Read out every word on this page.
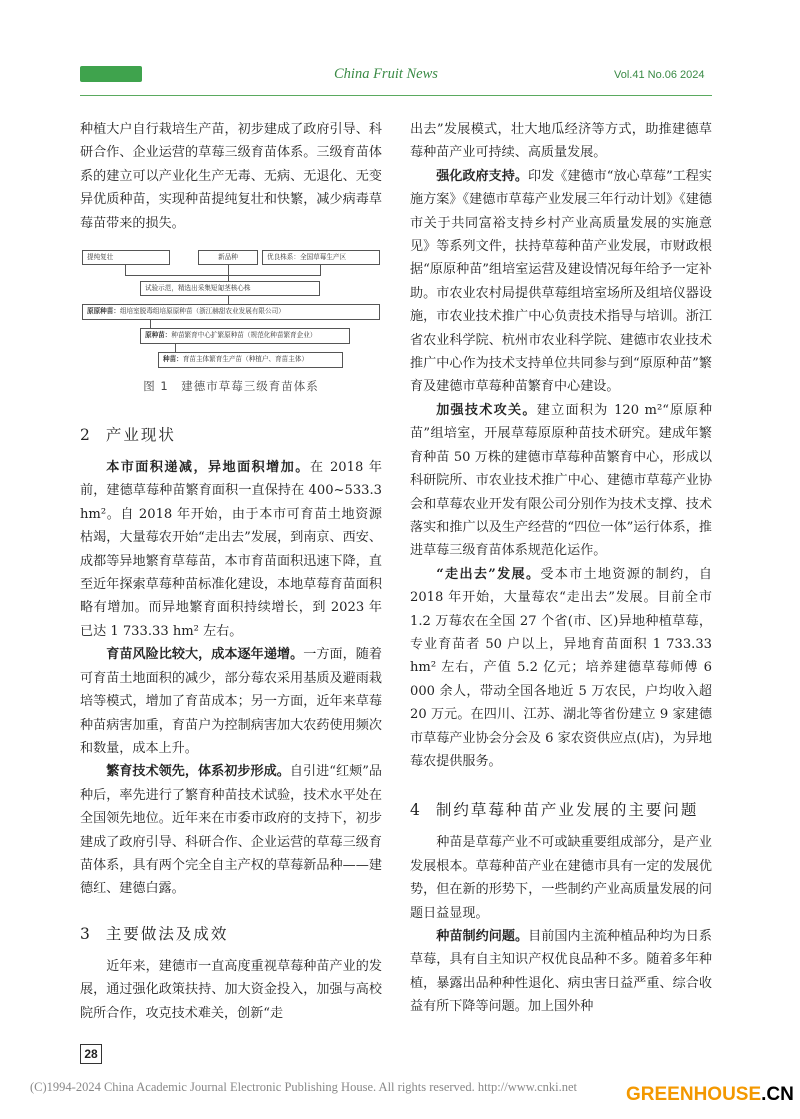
China Fruit News	Vol.41 No.06 2024

种植大户自行栽培生产苗，初步建成了政府引导、科研合作、企业运营的草莓三级育苗体系。三级育苗体系的建立可以产业化生产无毒、无病、无退化、无变异优质种苗，实现种苗提纯复壮和快繁，减少病毒草莓苗带来的损失。

提纯复壮	新品种	优良株系：全国草莓生产区
试验示范，精选出采集短匍茎核心株
原原种苗：组培室脱毒组培原原种苗（浙江赫甜农业发展有限公司）
原种苗：种苗繁育中心扩繁原种苗（规范化种苗繁育企业）
种苗：育苗主体繁育生产苗（种植户、育苗主体）

图 1　建德市草莓三级育苗体系

2 产业现状

本市面积递减，异地面积增加。在 2018 年前，建德草莓种苗繁育面积一直保持在 400~533.3 hm²。自 2018 年开始，由于本市可育苗土地资源枯竭，大量莓农开始“走出去”发展，到南京、西安、成都等异地繁育草莓苗，本市育苗面积迅速下降，直至近年探索草莓种苗标准化建设，本地草莓育苗面积略有增加。而异地繁育面积持续增长，到 2023 年已达 1 733.33 hm² 左右。

育苗风险比较大，成本逐年递增。一方面，随着可育苗土地面积的减少，部分莓农采用基质及避雨栽培等模式，增加了育苗成本；另一方面，近年来草莓种苗病害加重，育苗户为控制病害加大农药使用频次和数量，成本上升。

繁育技术领先，体系初步形成。自引进“红颊”品种后，率先进行了繁育种苗技术试验，技术水平处在全国领先地位。近年来在市委市政府的支持下，初步建成了政府引导、科研合作、企业运营的草莓三级育苗体系，具有两个完全自主产权的草莓新品种——建德红、建德白露。

3 主要做法及成效

近年来，建德市一直高度重视草莓种苗产业的发展，通过强化政策扶持、加大资金投入，加强与高校院所合作，攻克技术难关，创新“走

出去”发展模式，壮大地瓜经济等方式，助推建德草莓种苗产业可持续、高质量发展。

强化政府支持。印发《建德市“放心草莓”工程实施方案》《建德市草莓产业发展三年行动计划》《建德市关于共同富裕支持乡村产业高质量发展的实施意见》等系列文件，扶持草莓种苗产业发展，市财政根据“原原种苗”组培室运营及建设情况每年给予一定补助。市农业农村局提供草莓组培室场所及组培仪器设施，市农业技术推广中心负责技术指导与培训。浙江省农业科学院、杭州市农业科学院、建德市农业技术推广中心作为技术支持单位共同参与到“原原种苗”繁育及建德市草莓种苗繁育中心建设。

加强技术攻关。建立面积为 120 m²“原原种苗”组培室，开展草莓原原种苗技术研究。建成年繁育种苗 50 万株的建德市草莓种苗繁育中心，形成以科研院所、市农业技术推广中心、建德市草莓产业协会和草莓农业开发有限公司分别作为技术支撑、技术落实和推广以及生产经营的“四位一体”运行体系，推进草莓三级育苗体系规范化运作。

“走出去”发展。受本市土地资源的制约，自 2018 年开始，大量莓农“走出去”发展。目前全市 1.2 万莓农在全国 27 个省(市、区)异地种植草莓，专业育苗者 50 户以上，异地育苗面积 1 733.33 hm² 左右，产值 5.2 亿元；培养建德草莓师傅 6 000 余人，带动全国各地近 5 万农民，户均收入超 20 万元。在四川、江苏、湖北等省份建立 9 家建德市草莓产业协会分会及 6 家农资供应点(店)，为异地莓农提供服务。

4 制约草莓种苗产业发展的主要问题

种苗是草莓产业不可或缺重要组成部分，是产业发展根本。草莓种苗产业在建德市具有一定的发展优势，但在新的形势下，一些制约产业高质量发展的问题日益显现。

种苗制约问题。目前国内主流种植品种均为日系草莓，具有自主知识产权优良品种不多。随着多年种植，暴露出品种种性退化、病虫害日益严重、综合收益有所下降等问题。加上国外种

28
(C)1994-2024 China Academic Journal Electronic Publishing House. All rights reserved. http://www.cnki.net	GREENHOUSE.CN
